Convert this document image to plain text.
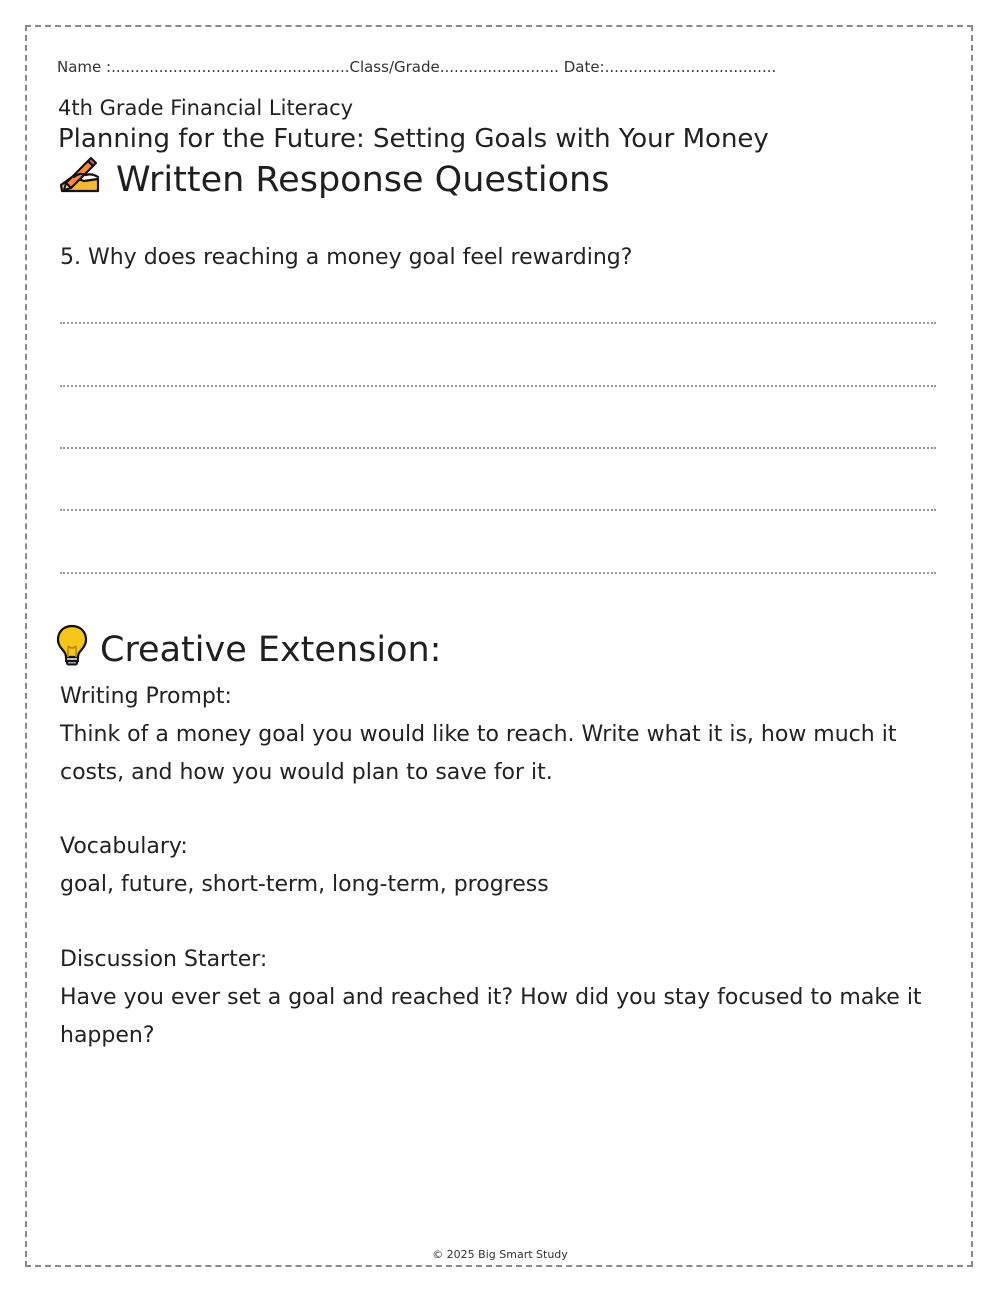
Name :..................................................Class/Grade......................... Date:....................................
4th Grade Financial Literacy
Planning for the Future: Setting Goals with Your Money
Written Response Questions
5. Why does reaching a money goal feel rewarding?
Creative Extension:

Writing Prompt:

Think of a money goal you would like to reach. Write what it is, how much it costs, and how you would plan to save for it.

Vocabulary:

goal, future, short-term, long-term, progress

Discussion Starter:

Have you ever set a goal and reached it? How did you stay focused to make it happen?

© 2025 Big Smart Study
